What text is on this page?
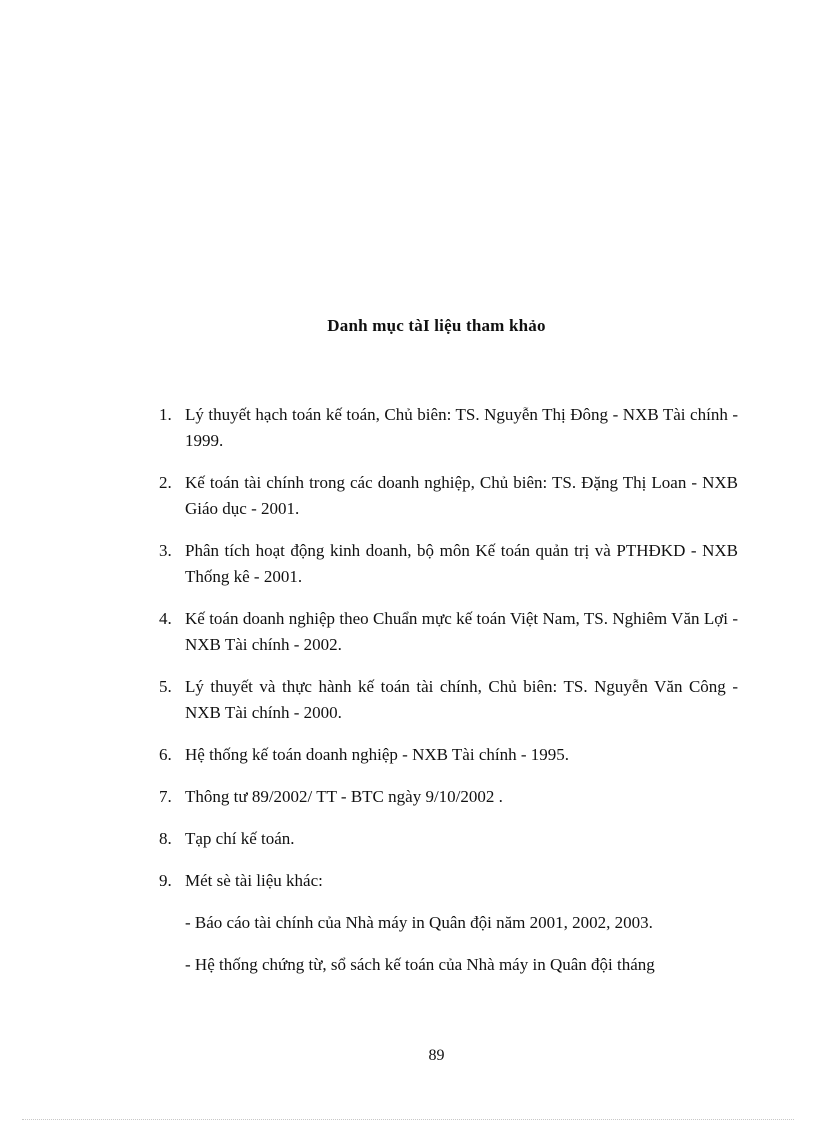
Danh mục tàI liệu tham khảo
1. Lý thuyết hạch toán kế toán, Chủ biên: TS. Nguyễn Thị Đông - NXB Tài chính - 1999.
2. Kế toán tài chính trong các doanh nghiệp, Chủ biên: TS. Đặng Thị Loan - NXB Giáo dục - 2001.
3. Phân tích hoạt động kinh doanh, bộ môn Kế toán quản trị và PTHĐKD - NXB Thống kê - 2001.
4. Kế toán doanh nghiệp theo Chuẩn mực kế toán Việt Nam, TS. Nghiêm Văn Lợi - NXB Tài chính - 2002.
5. Lý thuyết và thực hành kế toán tài chính, Chủ biên: TS. Nguyễn Văn Công - NXB Tài chính - 2000.
6. Hệ thống kế toán doanh nghiệp - NXB Tài chính - 1995.
7. Thông tư 89/2002/ TT - BTC ngày 9/10/2002 .
8. Tạp chí kế toán.
9. Mét sè tài liệu khác:
- Báo cáo tài chính của Nhà máy in Quân đội năm 2001, 2002, 2003.
- Hệ thống chứng từ, sổ sách kế toán của Nhà máy in Quân đội tháng
89
